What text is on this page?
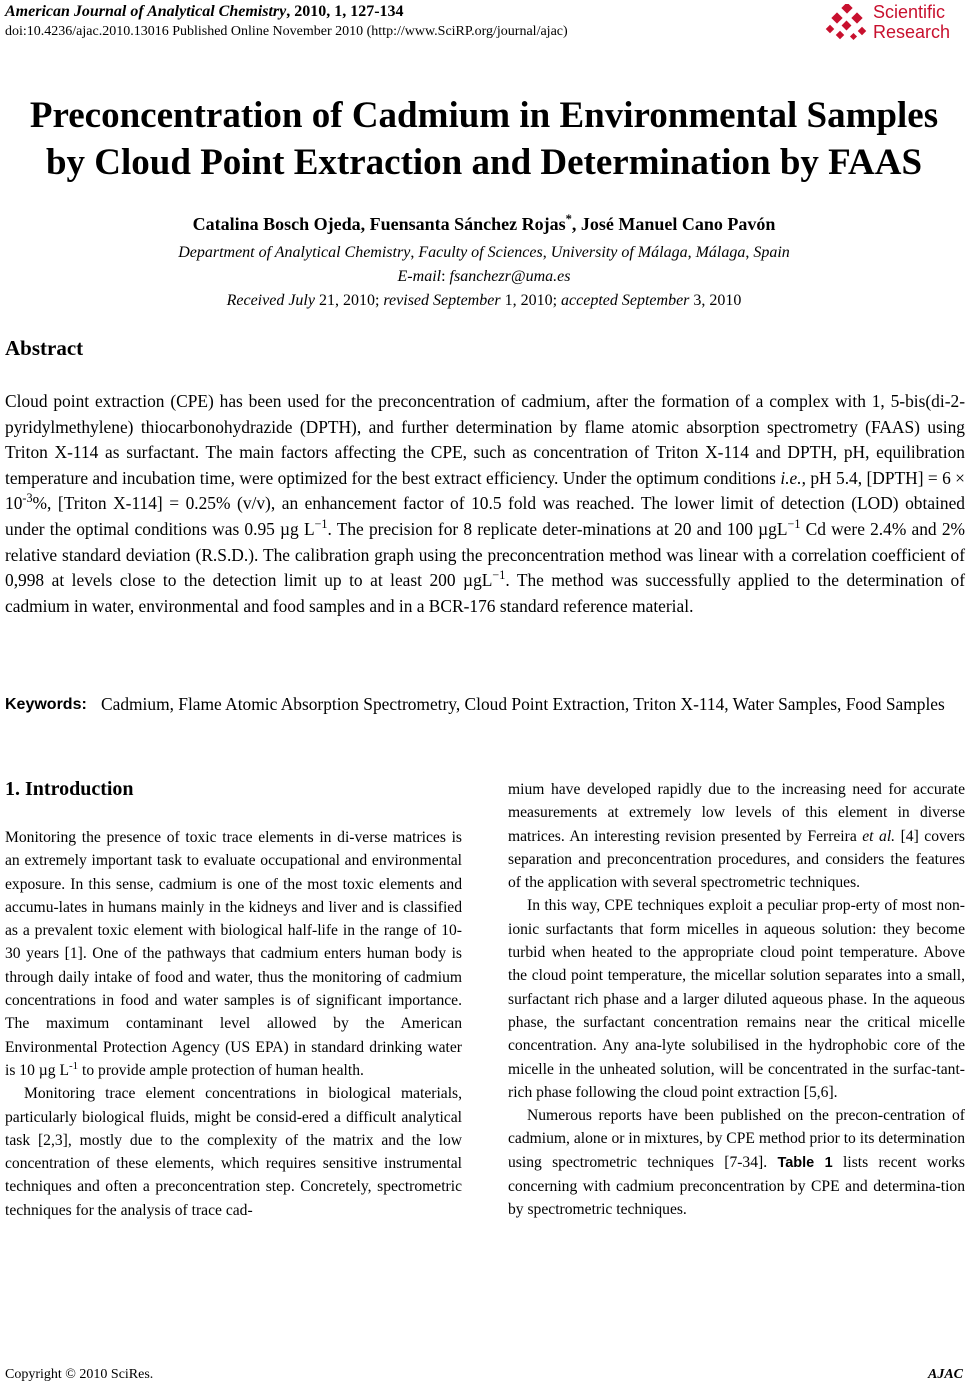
American Journal of Analytical Chemistry, 2010, 1, 127-134
doi:10.4236/ajac.2010.13016 Published Online November 2010 (http://www.SciRP.org/journal/ajac)
Scientific
Research
Preconcentration of Cadmium in Environmental Samples
by Cloud Point Extraction and Determination by FAAS
Catalina Bosch Ojeda, Fuensanta Sánchez Rojas*, José Manuel Cano Pavón
Department of Analytical Chemistry, Faculty of Sciences, University of Málaga, Málaga, Spain
E-mail: fsanchezr@uma.es
Received July 21, 2010; revised September 1, 2010; accepted September 3, 2010
Abstract

Cloud point extraction (CPE) has been used for the preconcentration of cadmium, after the formation of a complex with 1, 5-bis(di-2-pyridylmethylene) thiocarbonohydrazide (DPTH), and further determination by flame atomic absorption spectrometry (FAAS) using Triton X-114 as surfactant. The main factors affecting the CPE, such as concentration of Triton X-114 and DPTH, pH, equilibration temperature and incubation time, were optimized for the best extract efficiency. Under the optimum conditions i.e., pH 5.4, [DPTH] = $6 \times 10^{-3}\%$, [Triton X-114] = 0.25% (v/v), an enhancement factor of 10.5 fold was reached. The lower limit of detection (LOD) obtained under the optimal conditions was 0.95 µg $L^{-1}$. The precision for 8 replicate deter-minations at 20 and 100 µgL$^{-1}$ Cd were 2.4% and 2% relative standard deviation (R.S.D.). The calibration graph using the preconcentration method was linear with a correlation coefficient of 0,998 at levels close to the detection limit up to at least 200 µgL$^{-1}$. The method was successfully applied to the determination of cadmium in water, environmental and food samples and in a BCR-176 standard reference material.

Keywords: Cadmium, Flame Atomic Absorption Spectrometry, Cloud Point Extraction, Triton X-114, Water Samples, Food Samples
1. Introduction

Monitoring the presence of toxic trace elements in di-verse matrices is an extremely important task to evaluate occupational and environmental exposure. In this sense, cadmium is one of the most toxic elements and accumu-lates in humans mainly in the kidneys and liver and is classified as a prevalent toxic element with biological half-life in the range of 10-30 years [1]. One of the pathways that cadmium enters human body is through daily intake of food and water, thus the monitoring of cadmium concentrations in food and water samples is of significant importance. The maximum contaminant level allowed by the American Environmental Protection Agency (US EPA) in standard drinking water is 10 µg $L^{-1}$ to provide ample protection of human health.

Monitoring trace element concentrations in biological materials, particularly biological fluids, might be consid-ered a difficult analytical task [2,3], mostly due to the complexity of the matrix and the low concentration of these elements, which requires sensitive instrumental techniques and often a preconcentration step. Concretely, spectrometric techniques for the analysis of trace cad-

mium have developed rapidly due to the increasing need for accurate measurements at extremely low levels of this element in diverse matrices. An interesting revision presented by Ferreira et al. [4] covers separation and preconcentration procedures, and considers the features of the application with several spectrometric techniques.

In this way, CPE techniques exploit a peculiar prop-erty of most non-ionic surfactants that form micelles in aqueous solution: they become turbid when heated to the appropriate cloud point temperature. Above the cloud point temperature, the micellar solution separates into a small, surfactant rich phase and a larger diluted aqueous phase. In the aqueous phase, the surfactant concentration remains near the critical micelle concentration. Any ana-lyte solubilised in the hydrophobic core of the micelle in the unheated solution, will be concentrated in the surfac-tant-rich phase following the cloud point extraction [5,6].

Numerous reports have been published on the precon-centration of cadmium, alone or in mixtures, by CPE method prior to its determination using spectrometric techniques [7-34]. Table 1 lists recent works concerning with cadmium preconcentration by CPE and determina-tion by spectrometric techniques.

Copyright © 2010 SciRes.	AJAC
